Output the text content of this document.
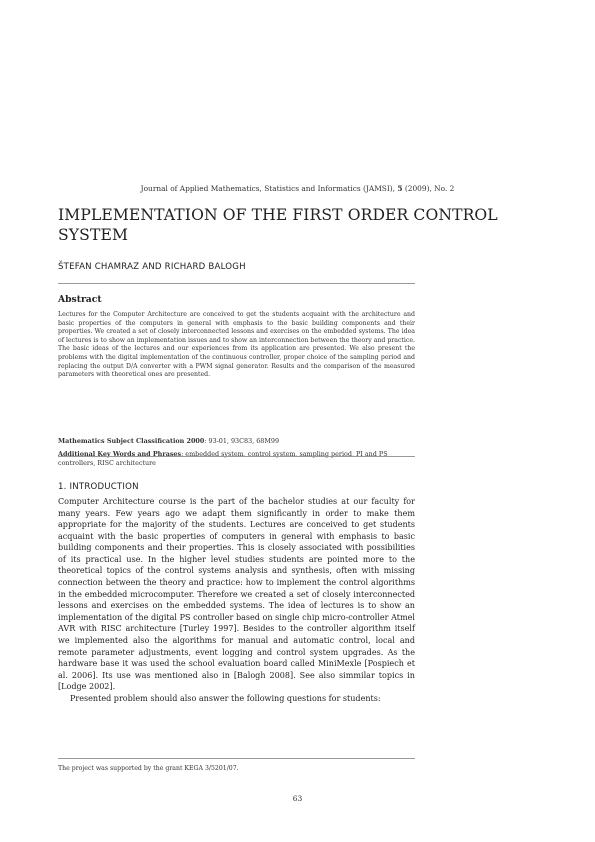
Journal of Applied Mathematics, Statistics and Informatics (JAMSI), 5 (2009), No. 2
IMPLEMENTATION OF THE FIRST ORDER CONTROL SYSTEM
ŠTEFAN CHAMRAZ AND RICHARD BALOGH
Abstract
Lectures for the Computer Architecture are conceived to get the students acquaint with the architecture and basic properties of the computers in general with emphasis to the basic building components and their properties. We created a set of closely interconnected lessons and exercises on the embedded systems. The idea of lectures is to show an implementation issues and to show an interconnection between the theory and practice. The basic ideas of the lectures and our experiences from its application are presented. We also present the problems with the digital implementation of the continuous controller, proper choice of the sampling period and replacing the output D/A converter with a PWM signal generator. Results and the comparison of the measured parameters with theoretical ones are presented.
Mathematics Subject Classification 2000: 93-01, 93C83, 68M99
Additional Key Words and Phrases: embedded system, control system, sampling period, PI and PS controllers, RISC architecture
1. INTRODUCTION

Computer Architecture course is the part of the bachelor studies at our faculty for many years. Few years ago we adapt them significantly in order to make them appropriate for the majority of the students. Lectures are conceived to get students acquaint with the basic properties of computers in general with emphasis to basic building components and their properties. This is closely associated with possibilities of its practical use. In the higher level studies students are pointed more to the theoretical topics of the control systems analysis and synthesis, often with missing connection between the theory and practice: how to implement the control algorithms in the embedded microcomputer. Therefore we created a set of closely interconnected lessons and exercises on the embedded systems. The idea of lectures is to show an implementation of the digital PS controller based on single chip micro-controller Atmel AVR with RISC architecture [Turley 1997]. Besides to the controller algorithm itself we implemented also the algorithms for manual and automatic control, local and remote parameter adjustments, event logging and control system upgrades. As the hardware base it was used the school evaluation board called MiniMexle [Pospiech et al. 2006]. Its use was mentioned also in [Balogh 2008]. See also simmilar topics in [Lodge 2002].

Presented problem should also answer the following questions for students:

The project was supported by the grant KEGA 3/5201/07.
63
